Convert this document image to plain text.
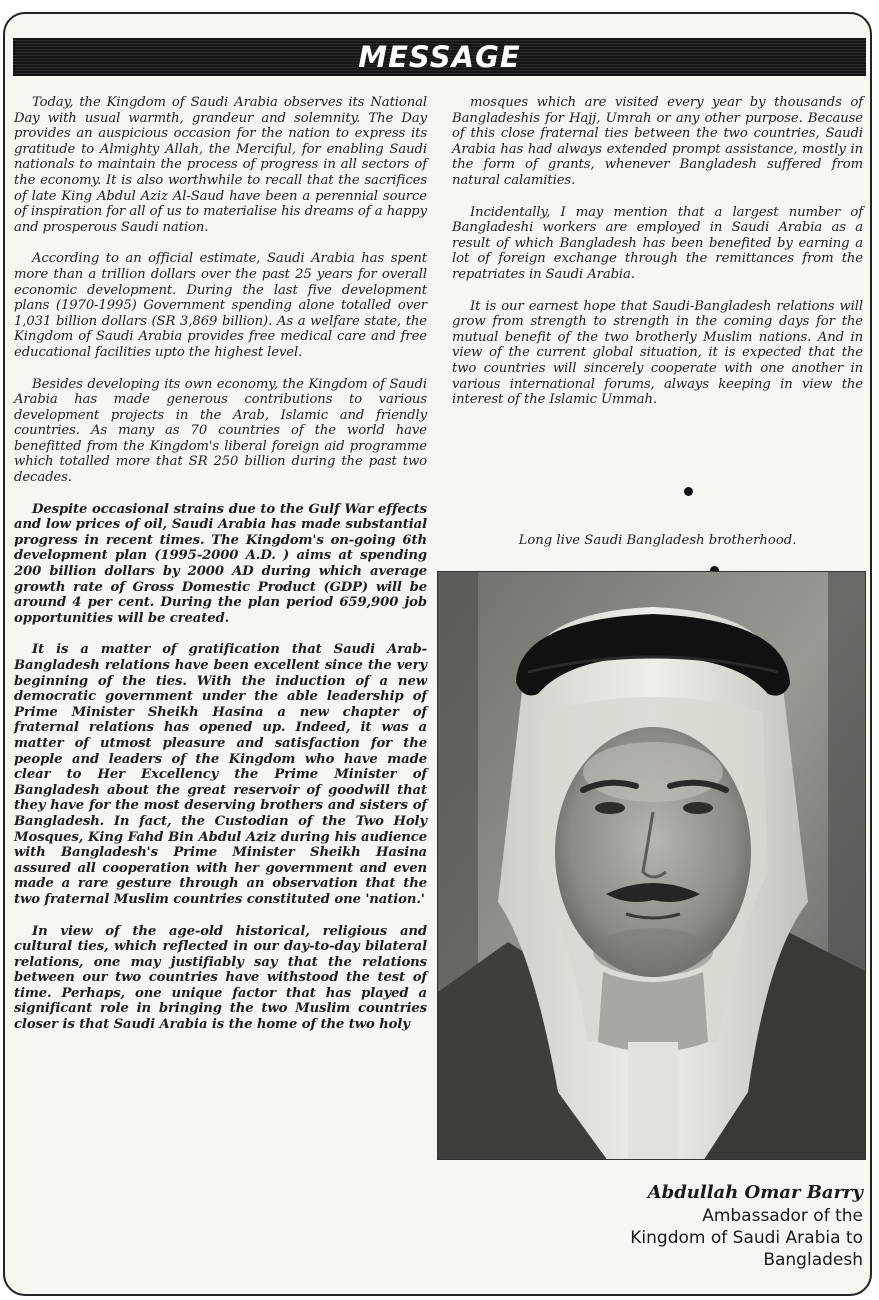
MESSAGE

Today, the Kingdom of Saudi Arabia observes its National Day with usual warmth, grandeur and solemnity. The Day provides an auspicious occasion for the nation to express its gratitude to Almighty Allah, the Merciful, for enabling Saudi nationals to maintain the process of progress in all sectors of the economy. It is also worthwhile to recall that the sacrifices of late King Abdul Aziz Al-Saud have been a perennial source of inspiration for all of us to materialise his dreams of a happy and prosperous Saudi nation.

According to an official estimate, Saudi Arabia has spent more than a trillion dollars over the past 25 years for overall economic development. During the last five development plans (1970-1995) Government spending alone totalled over 1,031 billion dollars (SR 3,869 billion). As a welfare state, the Kingdom of Saudi Arabia provides free medical care and free educational facilities upto the highest level.

Besides developing its own economy, the Kingdom of Saudi Arabia has made generous contributions to various development projects in the Arab, Islamic and friendly countries. As many as 70 countries of the world have benefitted from the Kingdom's liberal foreign aid programme which totalled more that SR 250 billion during the past two decades.

Despite occasional strains due to the Gulf War effects and low prices of oil, Saudi Arabia has made substantial progress in recent times. The Kingdom's on-going 6th development plan (1995-2000 A.D. ) aims at spending 200 billion dollars by 2000 AD during which average growth rate of Gross Domestic Product (GDP) will be around 4 per cent. During the plan period 659,900 job opportunities will be created.

It is a matter of gratification that Saudi Arab-Bangladesh relations have been excellent since the very beginning of the ties. With the induction of a new democratic government under the able leadership of Prime Minister Sheikh Hasina a new chapter of fraternal relations has opened up. Indeed, it was a matter of utmost pleasure and satisfaction for the people and leaders of the Kingdom who have made clear to Her Excellency the Prime Minister of Bangladesh about the great reservoir of goodwill that they have for the most deserving brothers and sisters of Bangladesh. In fact, the Custodian of the Two Holy Mosques, King Fahd Bin Abdul Aziz during his audience with Bangladesh's Prime Minister Sheikh Hasina assured all cooperation with her government and even made a rare gesture through an observation that the two fraternal Muslim countries constituted one 'nation.'

In view of the age-old historical, religious and cultural ties, which reflected in our day-to-day bilateral relations, one may justifiably say that the relations between our two countries have withstood the test of time. Perhaps, one unique factor that has played a significant role in bringing the two Muslim countries closer is that Saudi Arabia is the home of the two holy

mosques which are visited every year by thousands of Bangladeshis for Hajj, Umrah or any other purpose. Because of this close fraternal ties between the two countries, Saudi Arabia has had always extended prompt assistance, mostly in the form of grants, whenever Bangladesh suffered from natural calamities.

Incidentally, I may mention that a largest number of Bangladeshi workers are employed in Saudi Arabia as a result of which Bangladesh has been benefited by earning a lot of foreign exchange through the remittances from the repatriates in Saudi Arabia.

It is our earnest hope that Saudi-Bangladesh relations will grow from strength to strength in the coming days for the mutual benefit of the two brotherly Muslim nations. And in view of the current global situation, it is expected that the two countries will sincerely cooperate with one another in various international forums, always keeping in view the interest of the Islamic Ummah.

Long live Saudi Bangladesh brotherhood.
Abdullah Omar Barry
Ambassador of the
Kingdom of Saudi Arabia to
Bangladesh
